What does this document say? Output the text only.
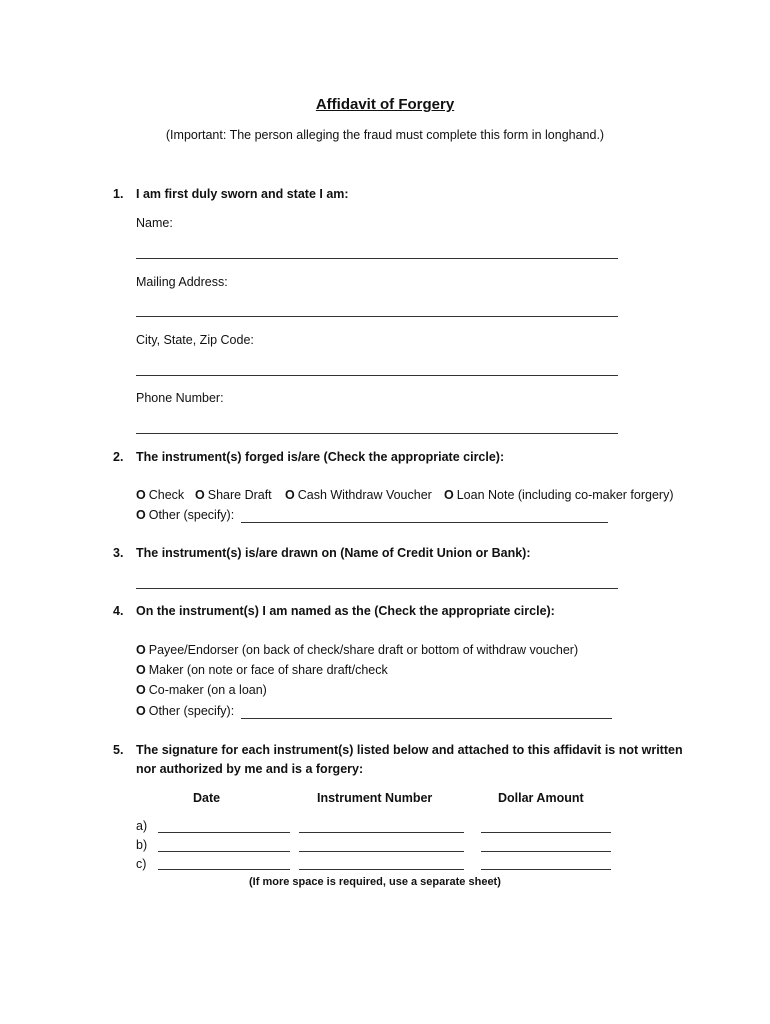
Affidavit of Forgery
(Important: The person alleging the fraud must complete this form in longhand.)
1. I am first duly sworn and state I am:
Name:
Mailing Address:
City, State, Zip Code:
Phone Number:
2. The instrument(s) forged is/are (Check the appropriate circle):
O Check O Share Draft O Cash Withdraw Voucher O Loan Note (including co-maker forgery)
O Other (specify):
3. The instrument(s) is/are drawn on (Name of Credit Union or Bank):
4. On the instrument(s) I am named as the (Check the appropriate circle):
O Payee/Endorser (on back of check/share draft or bottom of withdraw voucher)
O Maker (on note or face of share draft/check
O Co-maker (on a loan)
O Other (specify):
5. The signature for each instrument(s) listed below and attached to this affidavit is not written
nor authorized by me and is a forgery:
Date	Instrument Number	Dollar Amount
a)
b)
c)
(If more space is required, use a separate sheet)
